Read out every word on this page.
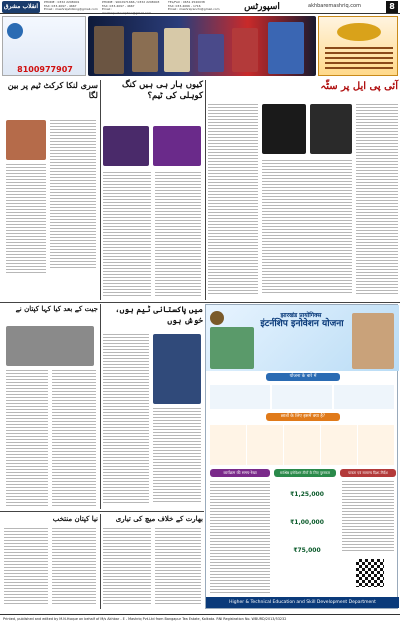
انقلاب مشرق
PHONE : 0332 2298001
FAX: 033-4097 - 4667
Email : mashriqshillong@gmail.com
PHONE : 9002971666 / 0332 2298003
FAX: 033-4097 - 4667
Email : mashriqsubscription@gmail.com
TEL/FAX : 0651 2540038
FAX: 033-4066 - 1716
Email : mashriqranchi@gmail.com	اسپورٹس	akhbaremashriq.com	8
8100977907
سری لنکا کرکٹ ٹیم پر بین لگا
کیوں ہار ہی ہیں کنگ کوہلی کی ٹیم؟
آئی پی ایل پر سٹّہ
جیت کے بعد کیا کہا کپتان نے	میں پاکستانی ٹیم ہوں، خوش ہوں	झारखंड प्रायोगिक्स
इंटर्नशिप इनोवेशन योजना
योजना के बारे में
छात्रों के लिए इसमें क्या है?
कार्यक्रम की समय-रेखा	सर्वश्रेष्ठ इनोवेशन टीमों के लिए पुरस्कार	पात्रता एवं सामान्य दिशा-निर्देश
₹1,25,000
₹1,00,000
₹75,000
Higher & Technical Education and Skill Development Department
نیا کپتان منتخب	بھارت کے خلاف میچ کی تیاری
Printed, published and edited by M.N.Hoque on behalf of M/s Akhbar - E - Mashriq Pvt.Ltd from Bangapur Tea Estate, Kolkata. RNI Registration No. WBURD/2013/53232
